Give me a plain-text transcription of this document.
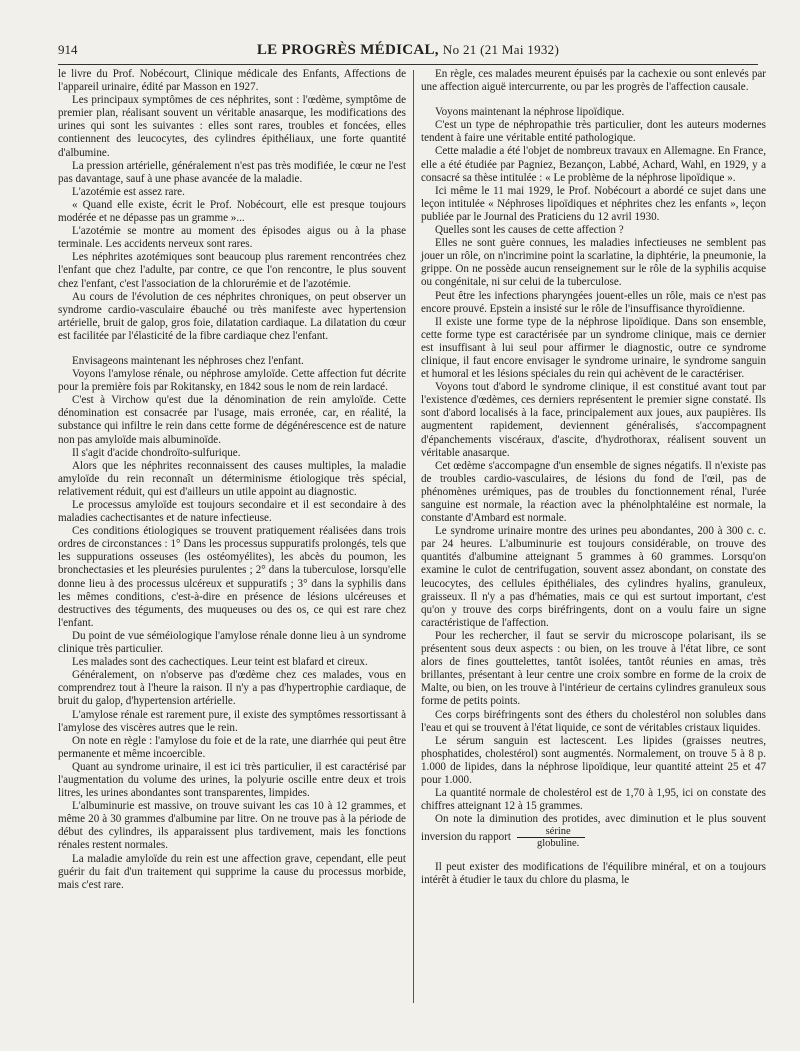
914	LE PROGRÈS MÉDICAL, No 21 (21 Mai 1932)

le livre du Prof. Nobécourt, Clinique médicale des Enfants, Affections de l'appareil urinaire, édité par Masson en 1927.

Les principaux symptômes de ces néphrites, sont : l'œdème, symptôme de premier plan, réalisant souvent un véritable anasarque, les modifications des urines qui sont les suivantes : elles sont rares, troubles et foncées, elles contiennent des leucocytes, des cylindres épithéliaux, une forte quantité d'albumine.

La pression artérielle, généralement n'est pas très modifiée, le cœur ne l'est pas davantage, sauf à une phase avancée de la maladie.

L'azotémie est assez rare.

« Quand elle existe, écrit le Prof. Nobécourt, elle est presque toujours modérée et ne dépasse pas un gramme »...

L'azotémie se montre au moment des épisodes aigus ou à la phase terminale. Les accidents nerveux sont rares.

Les néphrites azotémiques sont beaucoup plus rarement rencontrées chez l'enfant que chez l'adulte, par contre, ce que l'on rencontre, le plus souvent chez l'enfant, c'est l'association de la chlorurémie et de l'azotémie.

Au cours de l'évolution de ces néphrites chroniques, on peut observer un syndrome cardio-vasculaire ébauché ou très manifeste avec hypertension artérielle, bruit de galop, gros foie, dilatation cardiaque. La dilatation du cœur est facilitée par l'élasticité de la fibre cardiaque chez l'enfant.

Envisageons maintenant les néphroses chez l'enfant.

Voyons l'amylose rénale, ou néphrose amyloïde. Cette affection fut décrite pour la première fois par Rokitansky, en 1842 sous le nom de rein lardacé.

C'est à Virchow qu'est due la dénomination de rein amyloïde. Cette dénomination est consacrée par l'usage, mais erronée, car, en réalité, la substance qui infiltre le rein dans cette forme de dégénérescence est de nature non pas amyloïde mais albuminoïde.

Il s'agit d'acide chondroïto-sulfurique.

Alors que les néphrites reconnaissent des causes multiples, la maladie amyloïde du rein reconnaît un déterminisme étiologique très spécial, relativement réduit, qui est d'ailleurs un utile appoint au diagnostic.

Le processus amyloïde est toujours secondaire et il est secondaire à des maladies cachectisantes et de nature infectieuse.

Ces conditions étiologiques se trouvent pratiquement réalisées dans trois ordres de circonstances : 1° Dans les processus suppuratifs prolongés, tels que les suppurations osseuses (les ostéomyélites), les abcès du poumon, les bronchectasies et les pleurésies purulentes ; 2° dans la tuberculose, lorsqu'elle donne lieu à des processus ulcéreux et suppuratifs ; 3° dans la syphilis dans les mêmes conditions, c'est-à-dire en présence de lésions ulcéreuses et destructives des téguments, des muqueuses ou des os, ce qui est rare chez l'enfant.

Du point de vue séméiologique l'amylose rénale donne lieu à un syndrome clinique très particulier.

Les malades sont des cachectiques. Leur teint est blafard et cireux.

Généralement, on n'observe pas d'œdème chez ces malades, vous en comprendrez tout à l'heure la raison. Il n'y a pas d'hypertrophie cardiaque, de bruit du galop, d'hypertension artérielle.

L'amylose rénale est rarement pure, il existe des symptômes ressortissant à l'amylose des viscères autres que le rein.

On note en règle : l'amylose du foie et de la rate, une diarrhée qui peut être permanente et même incoercible.

Quant au syndrome urinaire, il est ici très particulier, il est caractérisé par l'augmentation du volume des urines, la polyurie oscille entre deux et trois litres, les urines abondantes sont transparentes, limpides.

L'albuminurie est massive, on trouve suivant les cas 10 à 12 grammes, et même 20 à 30 grammes d'albumine par litre. On ne trouve pas à la période de début des cylindres, ils apparaissent plus tardivement, mais les fonctions rénales restent normales.

La maladie amyloïde du rein est une affection grave, cependant, elle peut guérir du fait d'un traitement qui supprime la cause du processus morbide, mais c'est rare.

En règle, ces malades meurent épuisés par la cachexie ou sont enlevés par une affection aiguë intercurrente, ou par les progrès de l'affection causale.

Voyons maintenant la néphrose lipoïdique.

C'est un type de néphropathie très particulier, dont les auteurs modernes tendent à faire une véritable entité pathologique.

Cette maladie a été l'objet de nombreux travaux en Allemagne. En France, elle a été étudiée par Pagniez, Bezançon, Labbé, Achard, Wahl, en 1929, y a consacré sa thèse intitulée : « Le problème de la néphrose lipoïdique ».

Ici même le 11 mai 1929, le Prof. Nobécourt a abordé ce sujet dans une leçon intitulée « Néphroses lipoïdiques et néphrites chez les enfants », leçon publiée par le Journal des Praticiens du 12 avril 1930.

Quelles sont les causes de cette affection ?

Elles ne sont guère connues, les maladies infectieuses ne semblent pas jouer un rôle, on n'incrimine point la scarlatine, la diphtérie, la pneumonie, la grippe. On ne possède aucun renseignement sur le rôle de la syphilis acquise ou congénitale, ni sur celui de la tuberculose.

Peut être les infections pharyngées jouent-elles un rôle, mais ce n'est pas encore prouvé. Epstein a insisté sur le rôle de l'insuffisance thyroïdienne.

Il existe une forme type de la néphrose lipoïdique. Dans son ensemble, cette forme type est caractérisée par un syndrome clinique, mais ce dernier est insuffisant à lui seul pour affirmer le diagnostic, outre ce syndrome clinique, il faut encore envisager le syndrome urinaire, le syndrome sanguin et humoral et les lésions spéciales du rein qui achèvent de le caractériser.

Voyons tout d'abord le syndrome clinique, il est constitué avant tout par l'existence d'œdèmes, ces derniers représentent le premier signe constaté. Ils sont d'abord localisés à la face, principalement aux joues, aux paupières. Ils augmentent rapidement, deviennent généralisés, s'accompagnent d'épanchements viscéraux, d'ascite, d'hydrothorax, réalisent souvent un véritable anasarque.

Cet œdème s'accompagne d'un ensemble de signes négatifs. Il n'existe pas de troubles cardio-vasculaires, de lésions du fond de l'œil, pas de phénomènes urémiques, pas de troubles du fonctionnement rénal, l'urée sanguine est normale, la réaction avec la phénolphtaléine est normale, la constante d'Ambard est normale.

Le syndrome urinaire montre des urines peu abondantes, 200 à 300 c. c. par 24 heures. L'albuminurie est toujours considérable, on trouve des quantités d'albumine atteignant 5 grammes à 60 grammes. Lorsqu'on examine le culot de centrifugation, souvent assez abondant, on constate des leucocytes, des cellules épithéliales, des cylindres hyalins, granuleux, graisseux. Il n'y a pas d'hématies, mais ce qui est surtout important, c'est qu'on y trouve des corps biréfringents, dont on a voulu faire un signe caractéristique de l'affection.

Pour les rechercher, il faut se servir du microscope polarisant, ils se présentent sous deux aspects : ou bien, on les trouve à l'état libre, ce sont alors de fines gouttelettes, tantôt isolées, tantôt réunies en amas, très brillantes, présentant à leur centre une croix sombre en forme de la croix de Malte, ou bien, on les trouve à l'intérieur de certains cylindres granuleux sous forme de petits points.

Ces corps biréfringents sont des éthers du cholestérol non solubles dans l'eau et qui se trouvent à l'état liquide, ce sont de véritables cristaux liquides.

Le sérum sanguin est lactescent. Les lipides (graisses neutres, phosphatides, cholestérol) sont augmentés. Normalement, on trouve 5 à 8 p. 1.000 de lipides, dans la néphrose lipoïdique, leur quantité atteint 25 et 47 pour 1.000.

La quantité normale de cholestérol est de 1,70 à 1,95, ici on constate des chiffres atteignant 12 à 15 grammes.

On note la diminution des protides, avec diminution et le plus souvent inversion du rapport $\frac{\text{sérine}}{\text{globuline.}}$

Il peut exister des modifications de l'équilibre minéral, et on a toujours intérêt à étudier le taux du chlore du plasma, le
